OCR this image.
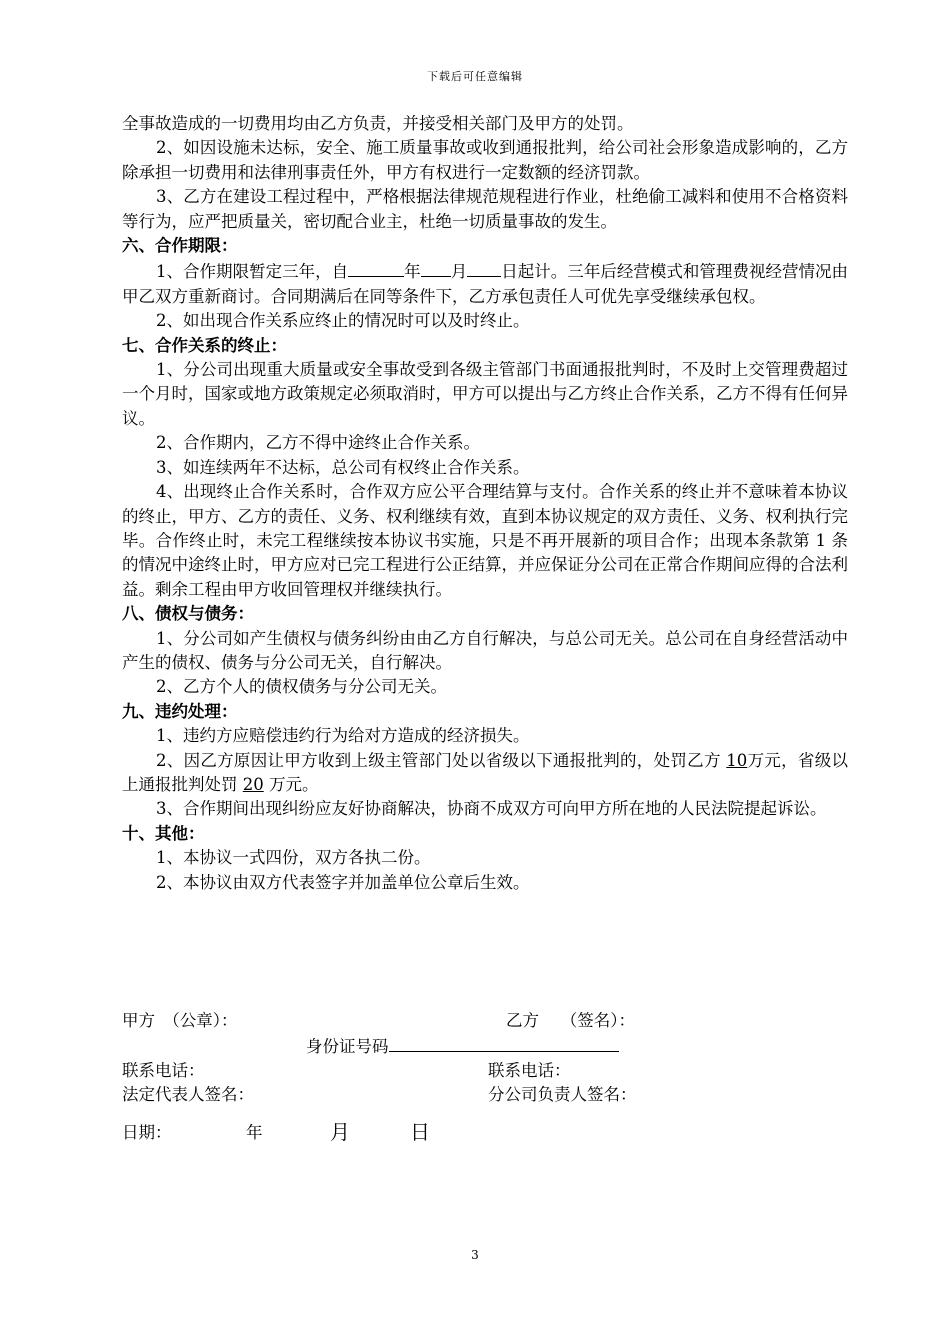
下载后可任意编辑

全事故造成的一切费用均由乙方负责，并接受相关部门及甲方的处罚。

2、如因设施未达标，安全、施工质量事故或收到通报批判，给公司社会形象造成影响的，乙方除承担一切费用和法律刑事责任外，甲方有权进行一定数额的经济罚款。

3、乙方在建设工程过程中，严格根据法律规范规程进行作业，杜绝偷工减料和使用不合格资料等行为，应严把质量关，密切配合业主，杜绝一切质量事故的发生。

六、合作期限：

1、合作期限暂定三年，自	年 月 日起计。三年后经营模式和管理费视经营情况由甲乙双方重新商讨。合同期满后在同等条件下，乙方承包责任人可优先享受继续承包权。

2、如出现合作关系应终止的情况时可以及时终止。

七、合作关系的终止：

1、分公司出现重大质量或安全事故受到各级主管部门书面通报批判时，不及时上交管理费超过一个月时，国家或地方政策规定必须取消时，甲方可以提出与乙方终止合作关系，乙方不得有任何异议。

2、合作期内，乙方不得中途终止合作关系。

3、如连续两年不达标，总公司有权终止合作关系。

4、出现终止合作关系时，合作双方应公平合理结算与支付。合作关系的终止并不意味着本协议的终止，甲方、乙方的责任、义务、权利继续有效，直到本协议规定的双方责任、义务、权利执行完毕。合作终止时，未完工程继续按本协议书实施，只是不再开展新的项目合作；出现本条款第 1 条的情况中途终止时，甲方应对已完工程进行公正结算，并应保证分公司在正常合作期间应得的合法利益。剩余工程由甲方收回管理权并继续执行。

八、债权与债务：

1、分公司如产生债权与债务纠纷由由乙方自行解决，与总公司无关。总公司在自身经营活动中产生的债权、债务与分公司无关，自行解决。

2、乙方个人的债权债务与分公司无关。

九、违约处理：

1、违约方应赔偿违约行为给对方造成的经济损失。

2、因乙方原因让甲方收到上级主管部门处以省级以下通报批判的，处罚乙方 10万元，省级以上通报批判处罚 20 万元。

3、合作期间出现纠纷应友好协商解决，协商不成双方可向甲方所在地的人民法院提起诉讼。

十、其他：

1、本协议一式四份，双方各执二份。

2、本协议由双方代表签字并加盖单位公章后生效。

甲方　（公章）：	乙方　 （签名）：
身份证号码
联系电话：	联系电话：
法定代表人签名：	分公司负责人签名：
日期：	年	月	日
3
